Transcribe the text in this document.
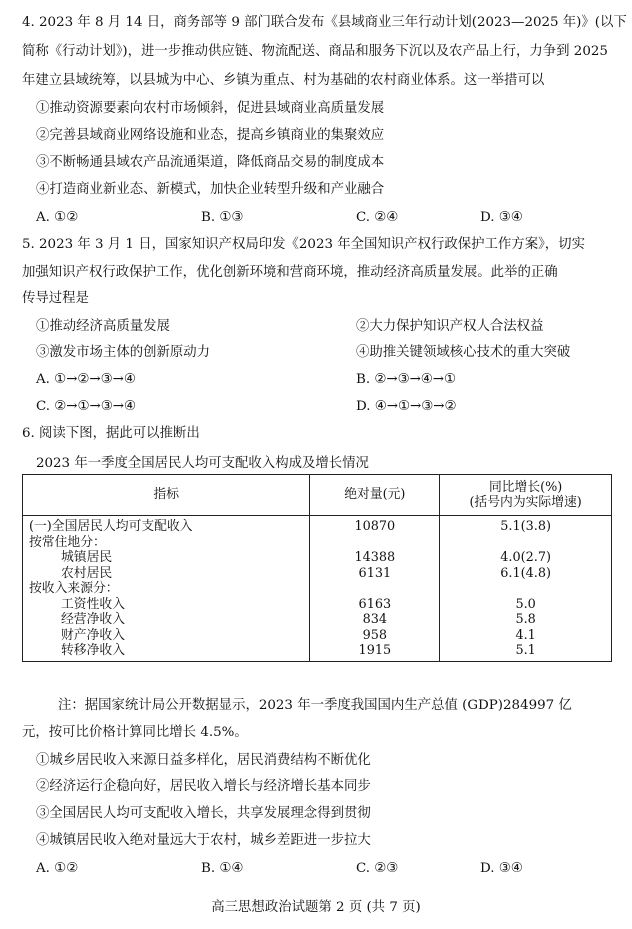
4. 2023 年 8 月 14 日，商务部等 9 部门联合发布《县域商业三年行动计划(2023—2025 年)》(以下
简称《行动计划》)，进一步推动供应链、物流配送、商品和服务下沉以及农产品上行，力争到 2025
年建立县域统筹，以县城为中心、乡镇为重点、村为基础的农村商业体系。这一举措可以
①推动资源要素向农村市场倾斜，促进县域商业高质量发展
②完善县域商业网络设施和业态，提高乡镇商业的集聚效应
③不断畅通县域农产品流通渠道，降低商品交易的制度成本
④打造商业新业态、新模式，加快企业转型升级和产业融合
A. ①②	B. ①③	C. ②④	D. ③④
5. 2023 年 3 月 1 日，国家知识产权局印发《2023 年全国知识产权行政保护工作方案》，切实
加强知识产权行政保护工作，优化创新环境和营商环境，推动经济高质量发展。此举的正确
传导过程是
①推动经济高质量发展	②大力保护知识产权人合法权益
③激发市场主体的创新原动力	④助推关键领域核心技术的重大突破
A. ①→②→③→④	B. ②→③→④→①
C. ②→①→③→④	D. ④→①→③→②
6. 阅读下图，据此可以推断出
2023 年一季度全国居民人均可支配收入构成及增长情况
指标	绝对量(元)	同比增长(%)
(括号内为实际增速)

(一)全国居民人均可支配收入	10870	5.1(3.8)
按常住地分：		
城镇居民	14388	4.0(2.7)
农村居民	6131	6.1(4.8)
按收入来源分：		
工资性收入	6163	5.0
经营净收入	834	5.8
财产净收入	958	4.1
转移净收入	1915	5.1
注：据国家统计局公开数据显示，2023 年一季度我国国内生产总值 (GDP)284997 亿
元，按可比价格计算同比增长 4.5%。
①城乡居民收入来源日益多样化，居民消费结构不断优化
②经济运行企稳向好，居民收入增长与经济增长基本同步
③全国居民人均可支配收入增长，共享发展理念得到贯彻
④城镇居民收入绝对量远大于农村，城乡差距进一步拉大
A. ①②	B. ①④	C. ②③	D. ③④
高三思想政治试题第 2 页 (共 7 页)
